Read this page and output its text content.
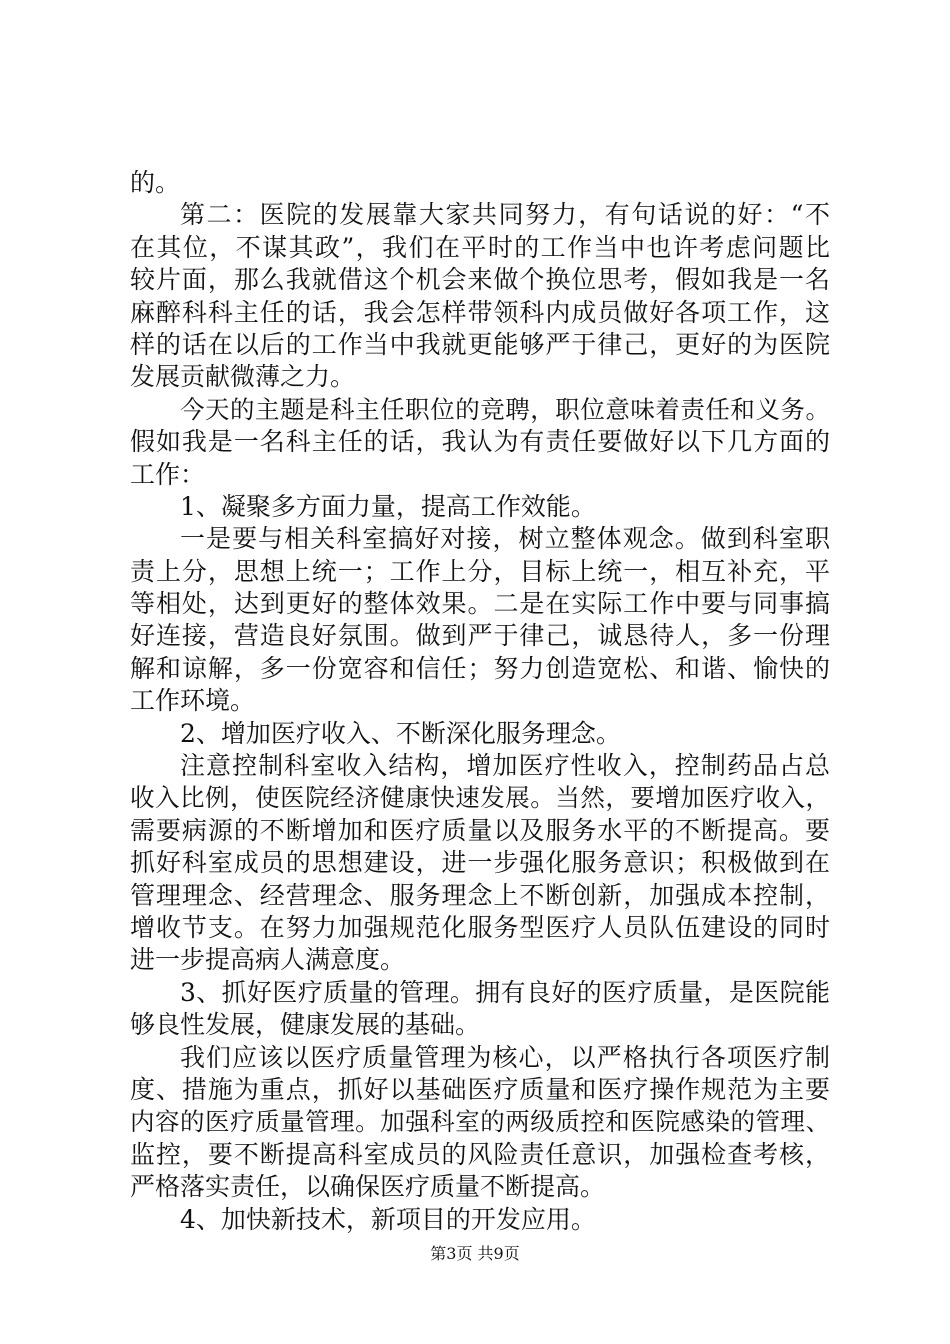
的。
第二：医院的发展靠大家共同努力，有句话说的好：“不
在其位，不谋其政”，我们在平时的工作当中也许考虑问题比
较片面，那么我就借这个机会来做个换位思考，假如我是一名
麻醉科科主任的话，我会怎样带领科内成员做好各项工作，这
样的话在以后的工作当中我就更能够严于律己，更好的为医院
发展贡献微薄之力。
今天的主题是科主任职位的竞聘，职位意味着责任和义务。
假如我是一名科主任的话，我认为有责任要做好以下几方面的
工作：
1、凝聚多方面力量，提高工作效能。
一是要与相关科室搞好对接，树立整体观念。做到科室职
责上分，思想上统一；工作上分，目标上统一，相互补充，平
等相处，达到更好的整体效果。二是在实际工作中要与同事搞
好连接，营造良好氛围。做到严于律己，诚恳待人，多一份理
解和谅解，多一份宽容和信任；努力创造宽松、和谐、愉快的
工作环境。
2、增加医疗收入、不断深化服务理念。
注意控制科室收入结构，增加医疗性收入，控制药品占总
收入比例，使医院经济健康快速发展。当然，要增加医疗收入，
需要病源的不断增加和医疗质量以及服务水平的不断提高。要
抓好科室成员的思想建设，进一步强化服务意识；积极做到在
管理理念、经营理念、服务理念上不断创新，加强成本控制，
增收节支。在努力加强规范化服务型医疗人员队伍建设的同时
进一步提高病人满意度。
3、抓好医疗质量的管理。拥有良好的医疗质量，是医院能
够良性发展，健康发展的基础。
我们应该以医疗质量管理为核心，以严格执行各项医疗制
度、措施为重点，抓好以基础医疗质量和医疗操作规范为主要
内容的医疗质量管理。加强科室的两级质控和医院感染的管理、
监控，要不断提高科室成员的风险责任意识，加强检查考核，
严格落实责任，以确保医疗质量不断提高。
4、加快新技术，新项目的开发应用。
第3页 共9页
